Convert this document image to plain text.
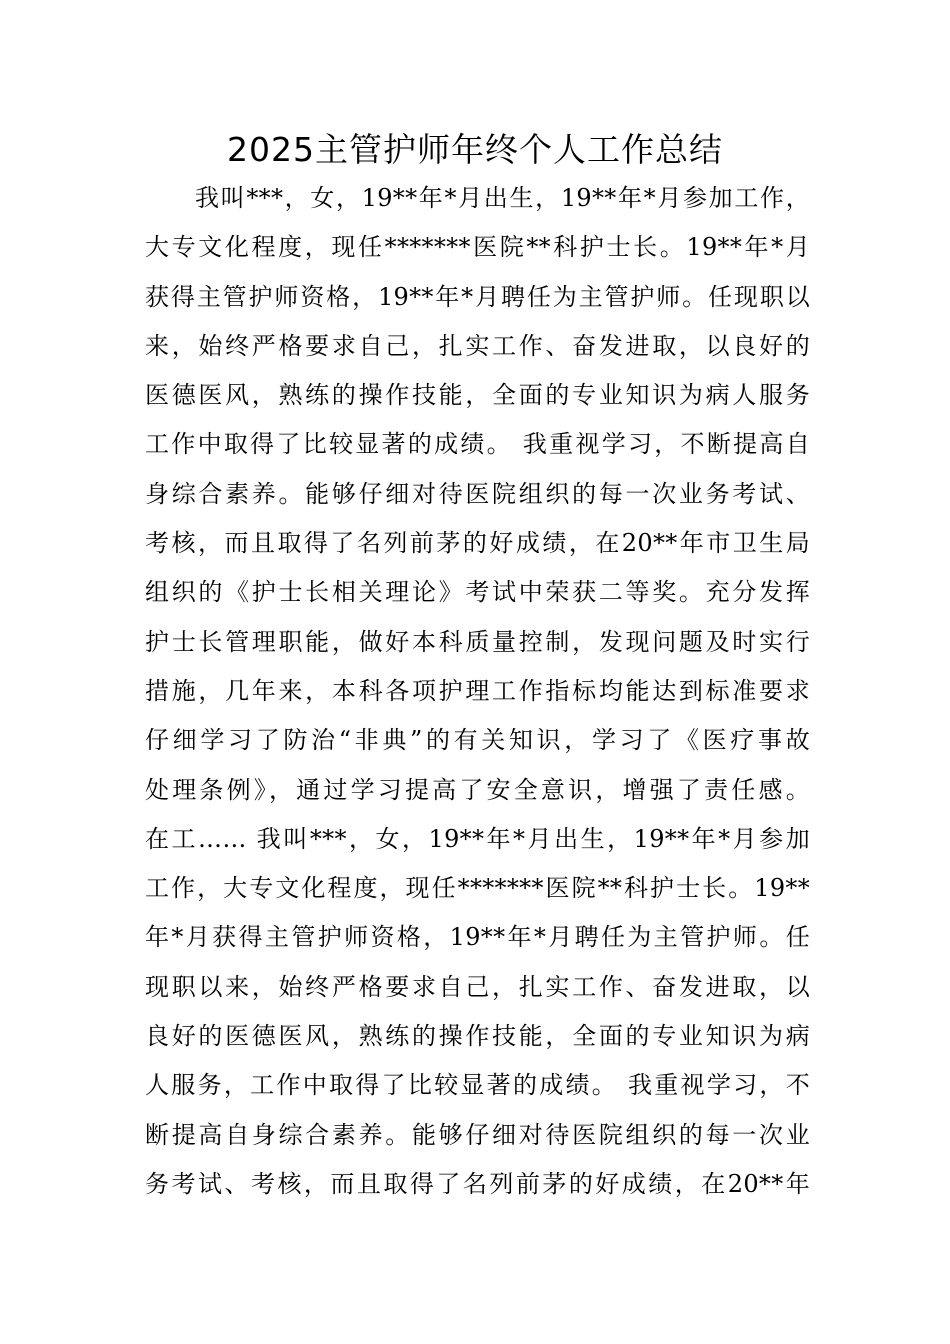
2025主管护师年终个人工作总结
我叫***，女，19**年*月出生，19**年*月参加工作，
大专文化程度，现任*******医院**科护士长。19**年*月
获得主管护师资格，19**年*月聘任为主管护师。任现职以
来，始终严格要求自己，扎实工作、奋发进取，以良好的
医德医风，熟练的操作技能，全面的专业知识为病人服务
工作中取得了比较显著的成绩。 我重视学习，不断提高自
身综合素养。能够仔细对待医院组织的每一次业务考试、
考核，而且取得了名列前茅的好成绩，在20**年市卫生局
组织的《护士长相关理论》考试中荣获二等奖。充分发挥
护士长管理职能，做好本科质量控制，发现问题及时实行
措施，几年来，本科各项护理工作指标均能达到标准要求
仔细学习了防治“非典”的有关知识，学习了《医疗事故
处理条例》，通过学习提高了安全意识，增强了责任感。
在工…… 我叫***，女，19**年*月出生，19**年*月参加
工作，大专文化程度，现任*******医院**科护士长。19**
年*月获得主管护师资格，19**年*月聘任为主管护师。任
现职以来，始终严格要求自己，扎实工作、奋发进取，以
良好的医德医风，熟练的操作技能，全面的专业知识为病
人服务，工作中取得了比较显著的成绩。 我重视学习，不
断提高自身综合素养。能够仔细对待医院组织的每一次业
务考试、考核，而且取得了名列前茅的好成绩，在20**年
